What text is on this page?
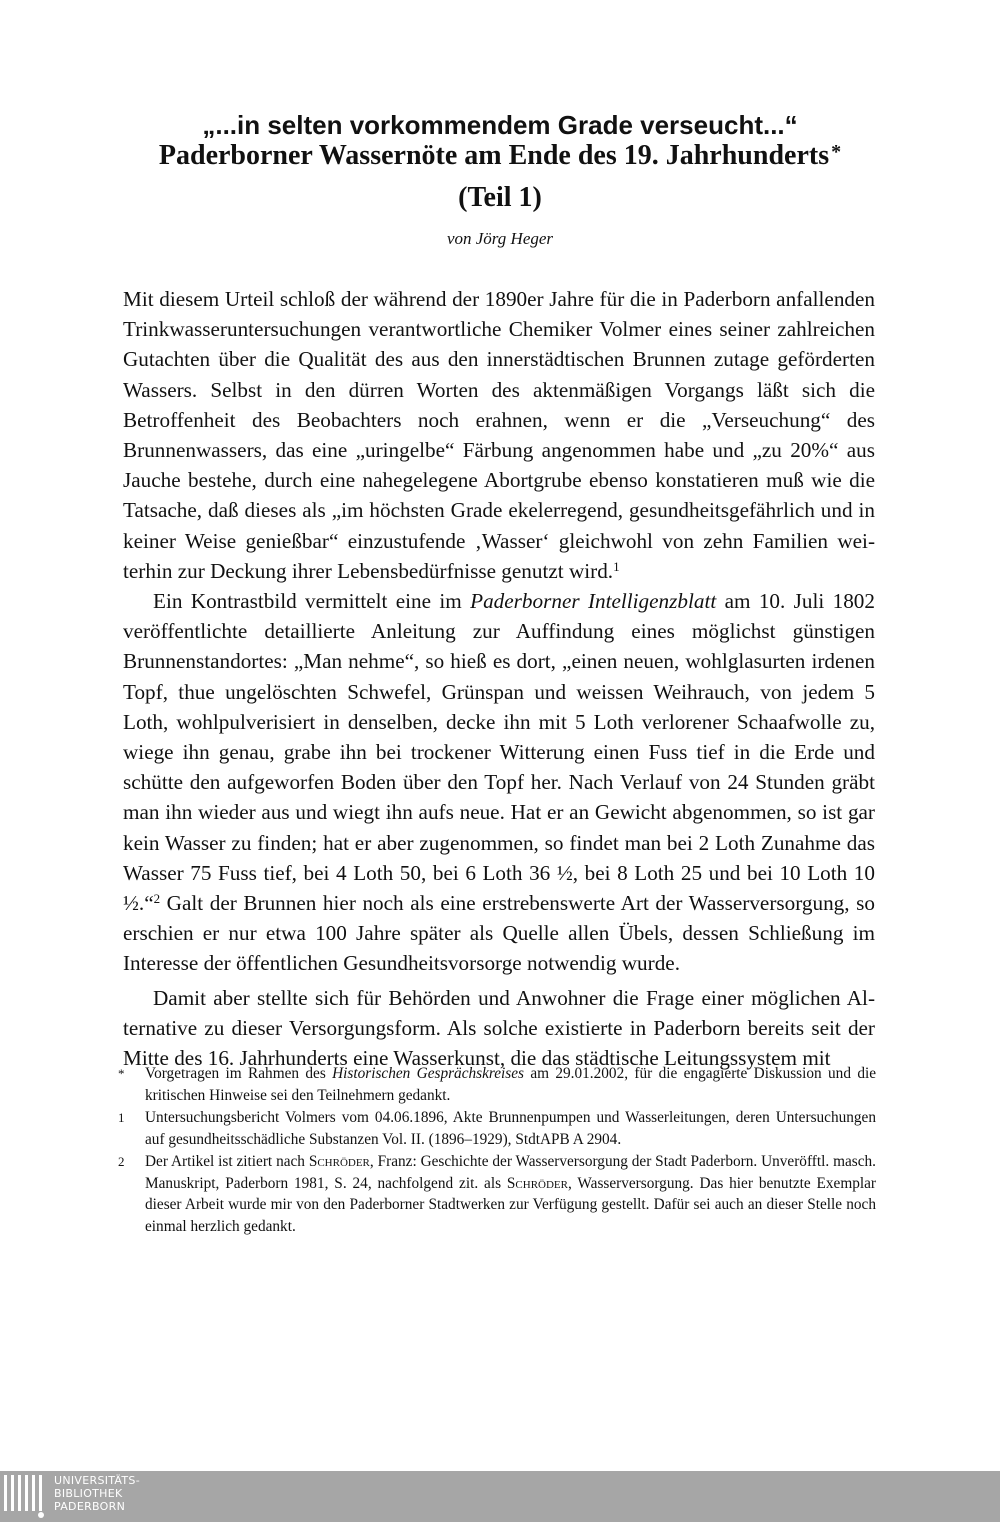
„...in selten vorkommendem Grade verseucht...“
Paderborner Wassernöte am Ende des 19. Jahrhunderts *
(Teil 1)
von Jörg Heger

Mit diesem Urteil schloß der während der 1890er Jahre für die in Paderborn anfallenden Trinkwasseruntersuchungen verantwortliche Chemiker Volmer eines seiner zahlreichen Gutachten über die Qualität des aus den innerstädtischen Brunnen zutage geförderten Wassers. Selbst in den dürren Worten des aktenmäßigen Vorgangs läßt sich die Betroffenheit des Beobachters noch erahnen, wenn er die „Verseuchung“ des Brunnenwassers, das eine „uringelbe“ Färbung angenommen habe und „zu 20%“ aus Jauche bestehe, durch eine nahegelegene Abortgrube ebenso konstatieren muß wie die Tatsache, daß dieses als „im höchsten Grade ekelerregend, gesundheitsgefährlich und in keiner Weise genießbar“ einzustufende ‚Wasser‘ gleichwohl von zehn Familien weiterhin zur Deckung ihrer Lebensbedürfnisse genutzt wird.$^1$

Ein Kontrastbild vermittelt eine im Paderborner Intelligenzblatt am 10. Juli 1802 veröffentlichte detaillierte Anleitung zur Auffindung eines möglichst günstigen Brunnenstandortes: „Man nehme“, so hieß es dort, „einen neuen, wohlglasurten irdenen Topf, thue ungelöschten Schwefel, Grünspan und weissen Weihrauch, von jedem 5 Loth, wohlpulverisiert in denselben, decke ihn mit 5 Loth verlorener Schaafwolle zu, wiege ihn genau, grabe ihn bei trockener Witterung einen Fuss tief in die Erde und schütte den aufgeworfen Boden über den Topf her. Nach Verlauf von 24 Stunden gräbt man ihn wieder aus und wiegt ihn aufs neue. Hat er an Gewicht abgenommen, so ist gar kein Wasser zu finden; hat er aber zugenommen, so findet man bei 2 Loth Zunahme das Wasser 75 Fuss tief, bei 4 Loth 50, bei 6 Loth 36 ½, bei 8 Loth 25 und bei 10 Loth 10 ½.“$^2$ Galt der Brunnen hier noch als eine erstrebenswerte Art der Wasserversorgung, so erschien er nur etwa 100 Jahre später als Quelle allen Übels, dessen Schließung im Interesse der öffentlichen Gesundheitsvorsorge notwendig wurde.

Damit aber stellte sich für Behörden und Anwohner die Frage einer möglichen Alternative zu dieser Versorgungsform. Als solche existierte in Paderborn bereits seit der Mitte des 16. Jahrhunderts eine Wasserkunst, die das städtische Leitungssystem mit

*	Vorgetragen im Rahmen des Historischen Gesprächskreises am 29.01.2002, für die engagierte Diskussion und die kritischen Hinweise sei den Teilnehmern gedankt.
1	Untersuchungsbericht Volmers vom 04.06.1896, Akte Brunnenpumpen und Wasserleitungen, deren Untersuchungen auf gesundheitsschädliche Substanzen Vol. II. (1896–1929), StdtAPB A 2904.
2	Der Artikel ist zitiert nach Schröder, Franz: Geschichte der Wasserversorgung der Stadt Paderborn. Unveröfftl. masch. Manuskript, Paderborn 1981, S. 24, nachfolgend zit. als Schröder, Wasserversorgung. Das hier benutzte Exemplar dieser Arbeit wurde mir von den Paderborner Stadtwerken zur Verfügung gestellt. Dafür sei auch an dieser Stelle noch einmal herzlich gedankt.
UNIVERSITÄTS-
BIBLIOTHEK
PADERBORN
